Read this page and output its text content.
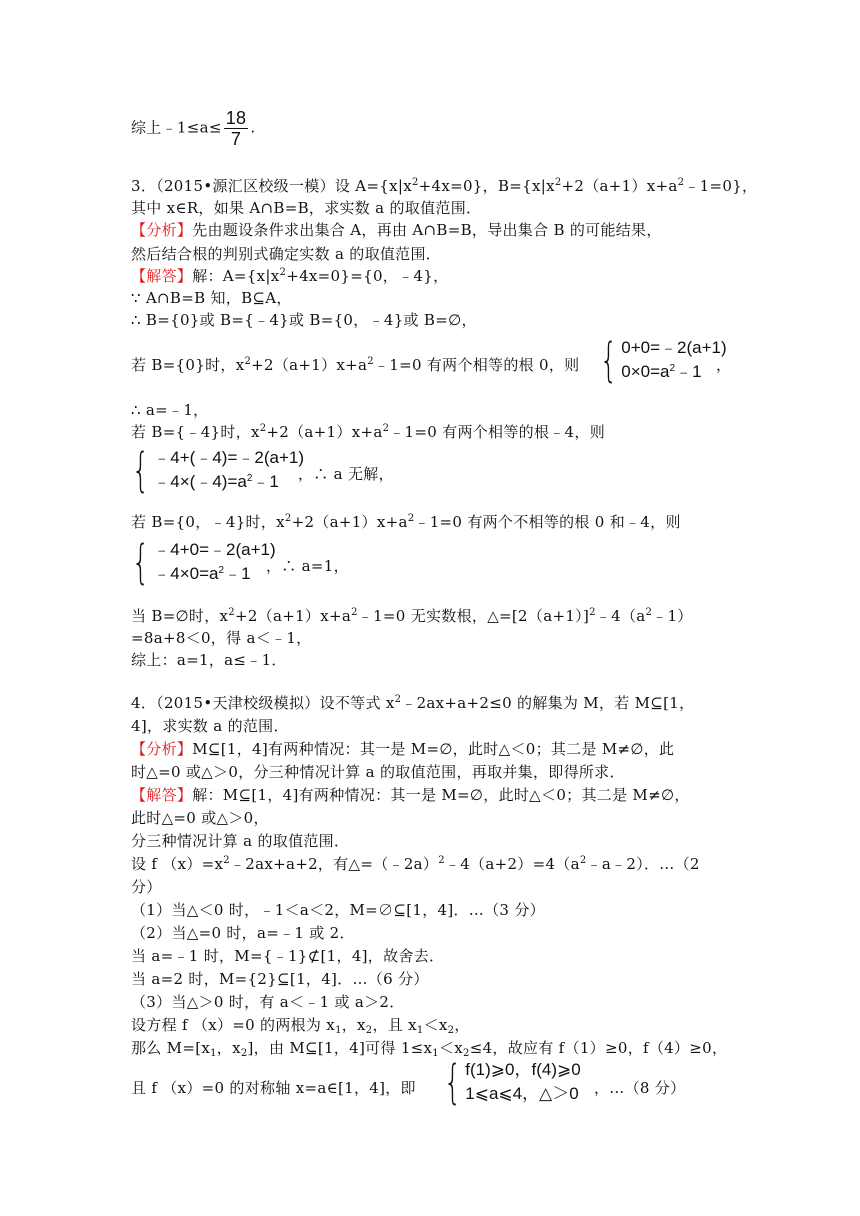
综上﹣1≤a≤ $\frac{18}{7}$ .
3．（2015•源汇区校级一模）设 $A=\{x|x^2+4x=0\}$，$B=\{x|x^2+2(a+1)x+a^2﹣1=0\}$，
其中 x∈R，如果 A∩B=B，求实数 a 的取值范围．
【分析】先由题设条件求出集合 A，再由 A∩B=B，导出集合 B 的可能结果，
然后结合根的判别式确定实数 a 的取值范围．
【解答】解：$A=\{x|x^2+4x=0\}=\{0$，﹣4}，
∵ A∩B=B 知，B⊆A，
∴ B={0}或 B={﹣4}或 B={0，﹣4}或 B=∅，
若 B={0}时，$x^2+2(a+1)x+a^2﹣1=0$ 有两个相等的根 0，则 { 0+0=﹣2(a+1)
$0\times 0=a^2﹣1$ ，
∴ a=﹣1，
若 B={﹣4}时，$x^2+2(a+1)x+a^2﹣1=0$ 有两个相等的根﹣4，则
{ ﹣4+(﹣4)=﹣2(a+1)
$﹣4\times(﹣4)=a^2﹣1$	，∴ a 无解，
若 B={0，﹣4}时，$x^2+2(a+1)x+a^2﹣1=0$ 有两个不相等的根 0 和﹣4，则
{ ﹣4+0=﹣2(a+1)
$﹣4\times 0=a^2﹣1$	，∴ a=1，
当 B=∅时，$x^2+2(a+1)x+a^2﹣1=0$ 无实数根，$\triangle=[2(a+1)]^2﹣4(a^2﹣1)$
=8a+8＜0，得 a＜﹣1，
综上：a=1，a≤﹣1．
4．（2015•天津校级模拟）设不等式 $x^2﹣2ax+a+2\le 0$ 的解集为 M，若 M⊆[1，
4]，求实数 a 的范围．
【分析】M⊆[1，4]有两种情况：其一是 M=∅，此时△＜0；其二是 M≠∅，此
时△=0 或△＞0，分三种情况计算 a 的取值范围，再取并集，即得所求．
【解答】解：M⊆[1，4]有两种情况：其一是 M=∅，此时△＜0；其二是 M≠∅，
此时△=0 或△＞0，
分三种情况计算 a 的取值范围．
设 f $(x)=x^2﹣2ax+a+2$，有$\triangle=(﹣2a)^2﹣4(a+2)=4(a^2﹣a﹣2)$．…（2
分）
（1）当△＜0 时，﹣1＜a＜2，M=∅⊆[1，4]．…（3 分）
（2）当△=0 时，a=﹣1 或 2．
当 a=﹣1 时，M={﹣1}⊄[1，4]，故舍去．
当 a=2 时，M={2}⊆[1，4]．…（6 分）
（3）当△＞0 时，有 a＜﹣1 或 a＞2．
设方程 f （x）=0 的两根为 $x_1$，$x_2$，且 $x_1<x_2$，
那么 $M=[x_1$，$x_2$]，由 M⊆[1，4]可得 $1\le x_1<x_2\le 4$，故应有 f（1）≥0，f（4）≥0，
且 f （x）=0 的对称轴 x=a∈[1，4]，即 { f(1)⩾0，f(4)⩾0
1⩽a⩽4，△＞0 ，…（8 分）
